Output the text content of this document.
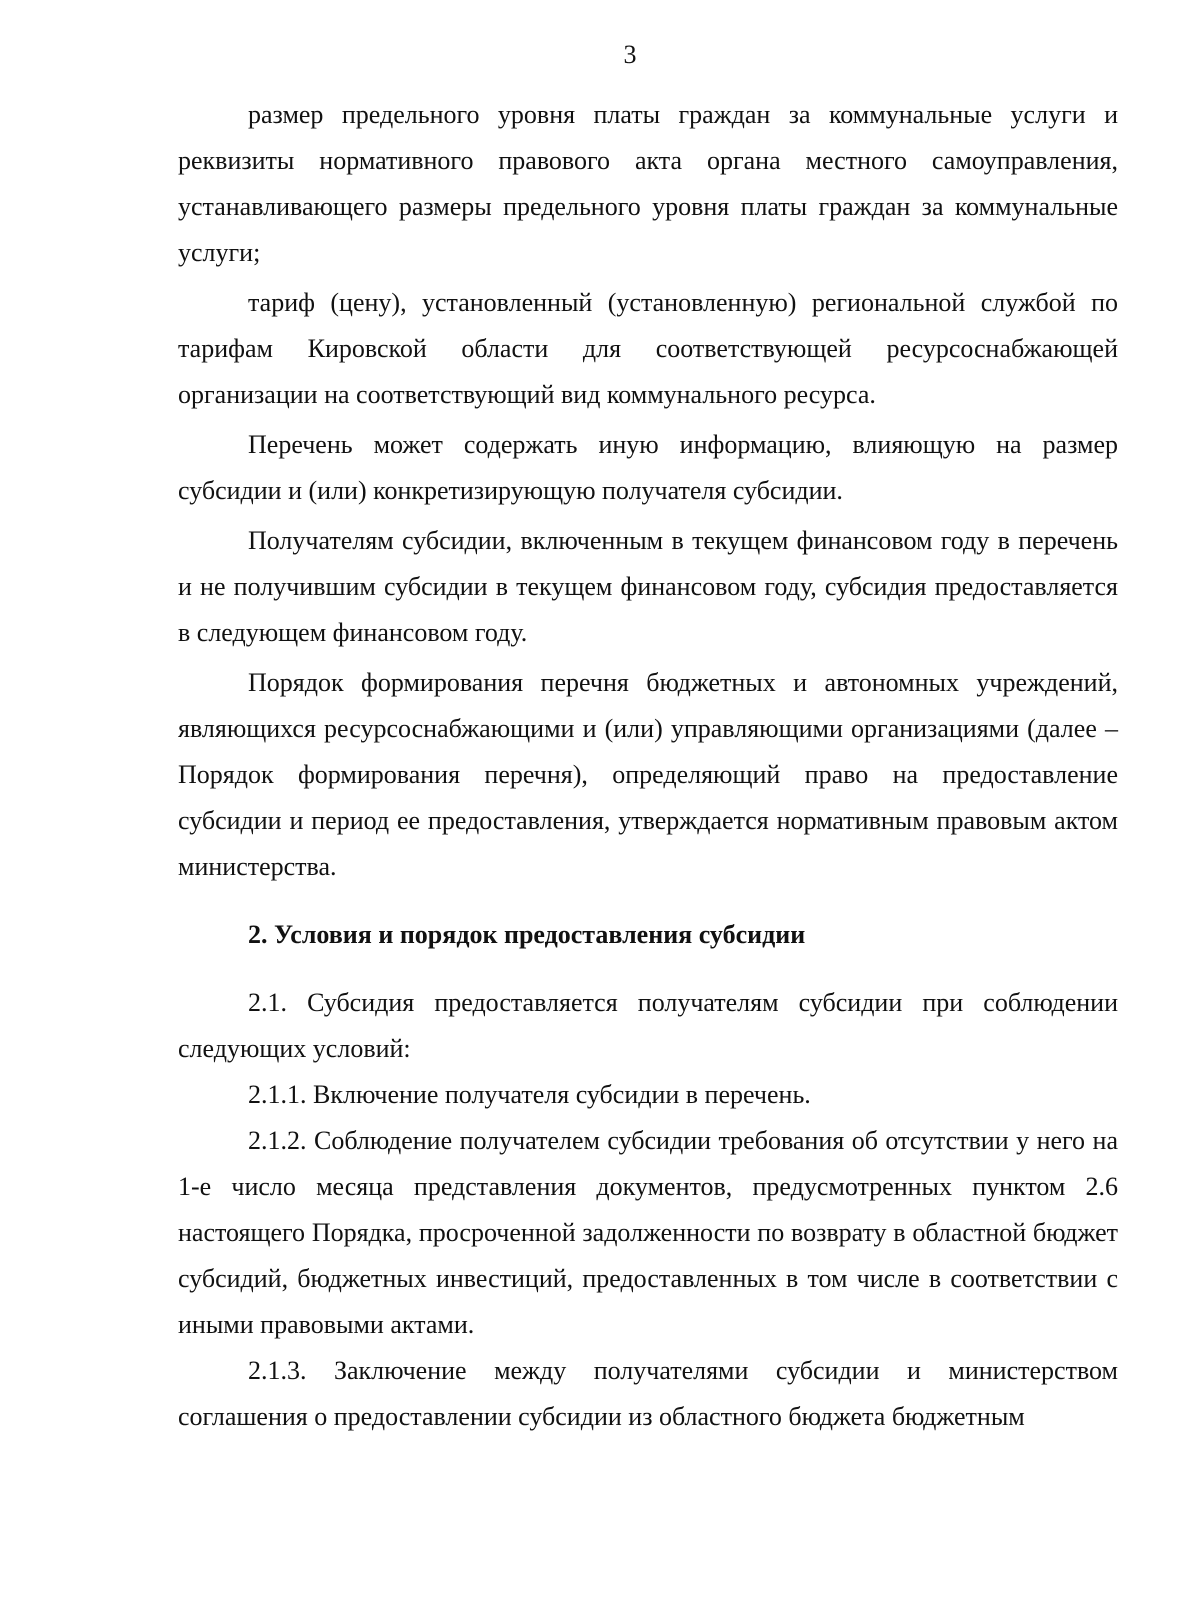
3

размер предельного уровня платы граждан за коммунальные услуги и реквизиты нормативного правового акта органа местного самоуправления, устанавливающего размеры предельного уровня платы граждан за коммунальные услуги;

тариф (цену), установленный (установленную) региональной службой по тарифам Кировской области для соответствующей ресурсоснабжающей организации на соответствующий вид коммунального ресурса.

Перечень может содержать иную информацию, влияющую на размер субсидии и (или) конкретизирующую получателя субсидии.

Получателям субсидии, включенным в текущем финансовом году в перечень и не получившим субсидии в текущем финансовом году, субсидия предоставляется в следующем финансовом году.

Порядок формирования перечня бюджетных и автономных учреждений, являющихся ресурсоснабжающими и (или) управляющими организациями (далее – Порядок формирования перечня), определяющий право на предоставление субсидии и период ее предоставления, утверждается нормативным правовым актом министерства.

2. Условия и порядок предоставления субсидии

2.1. Субсидия предоставляется получателям субсидии при соблюдении следующих условий:

2.1.1. Включение получателя субсидии в перечень.

2.1.2. Соблюдение получателем субсидии требования об отсутствии у него на 1-е число месяца представления документов, предусмотренных пунктом 2.6 настоящего Порядка, просроченной задолженности по возврату в областной бюджет субсидий, бюджетных инвестиций, предоставленных в том числе в соответствии с иными правовыми актами.

2.1.3. Заключение между получателями субсидии и министерством соглашения о предоставлении субсидии из областного бюджета бюджетным
